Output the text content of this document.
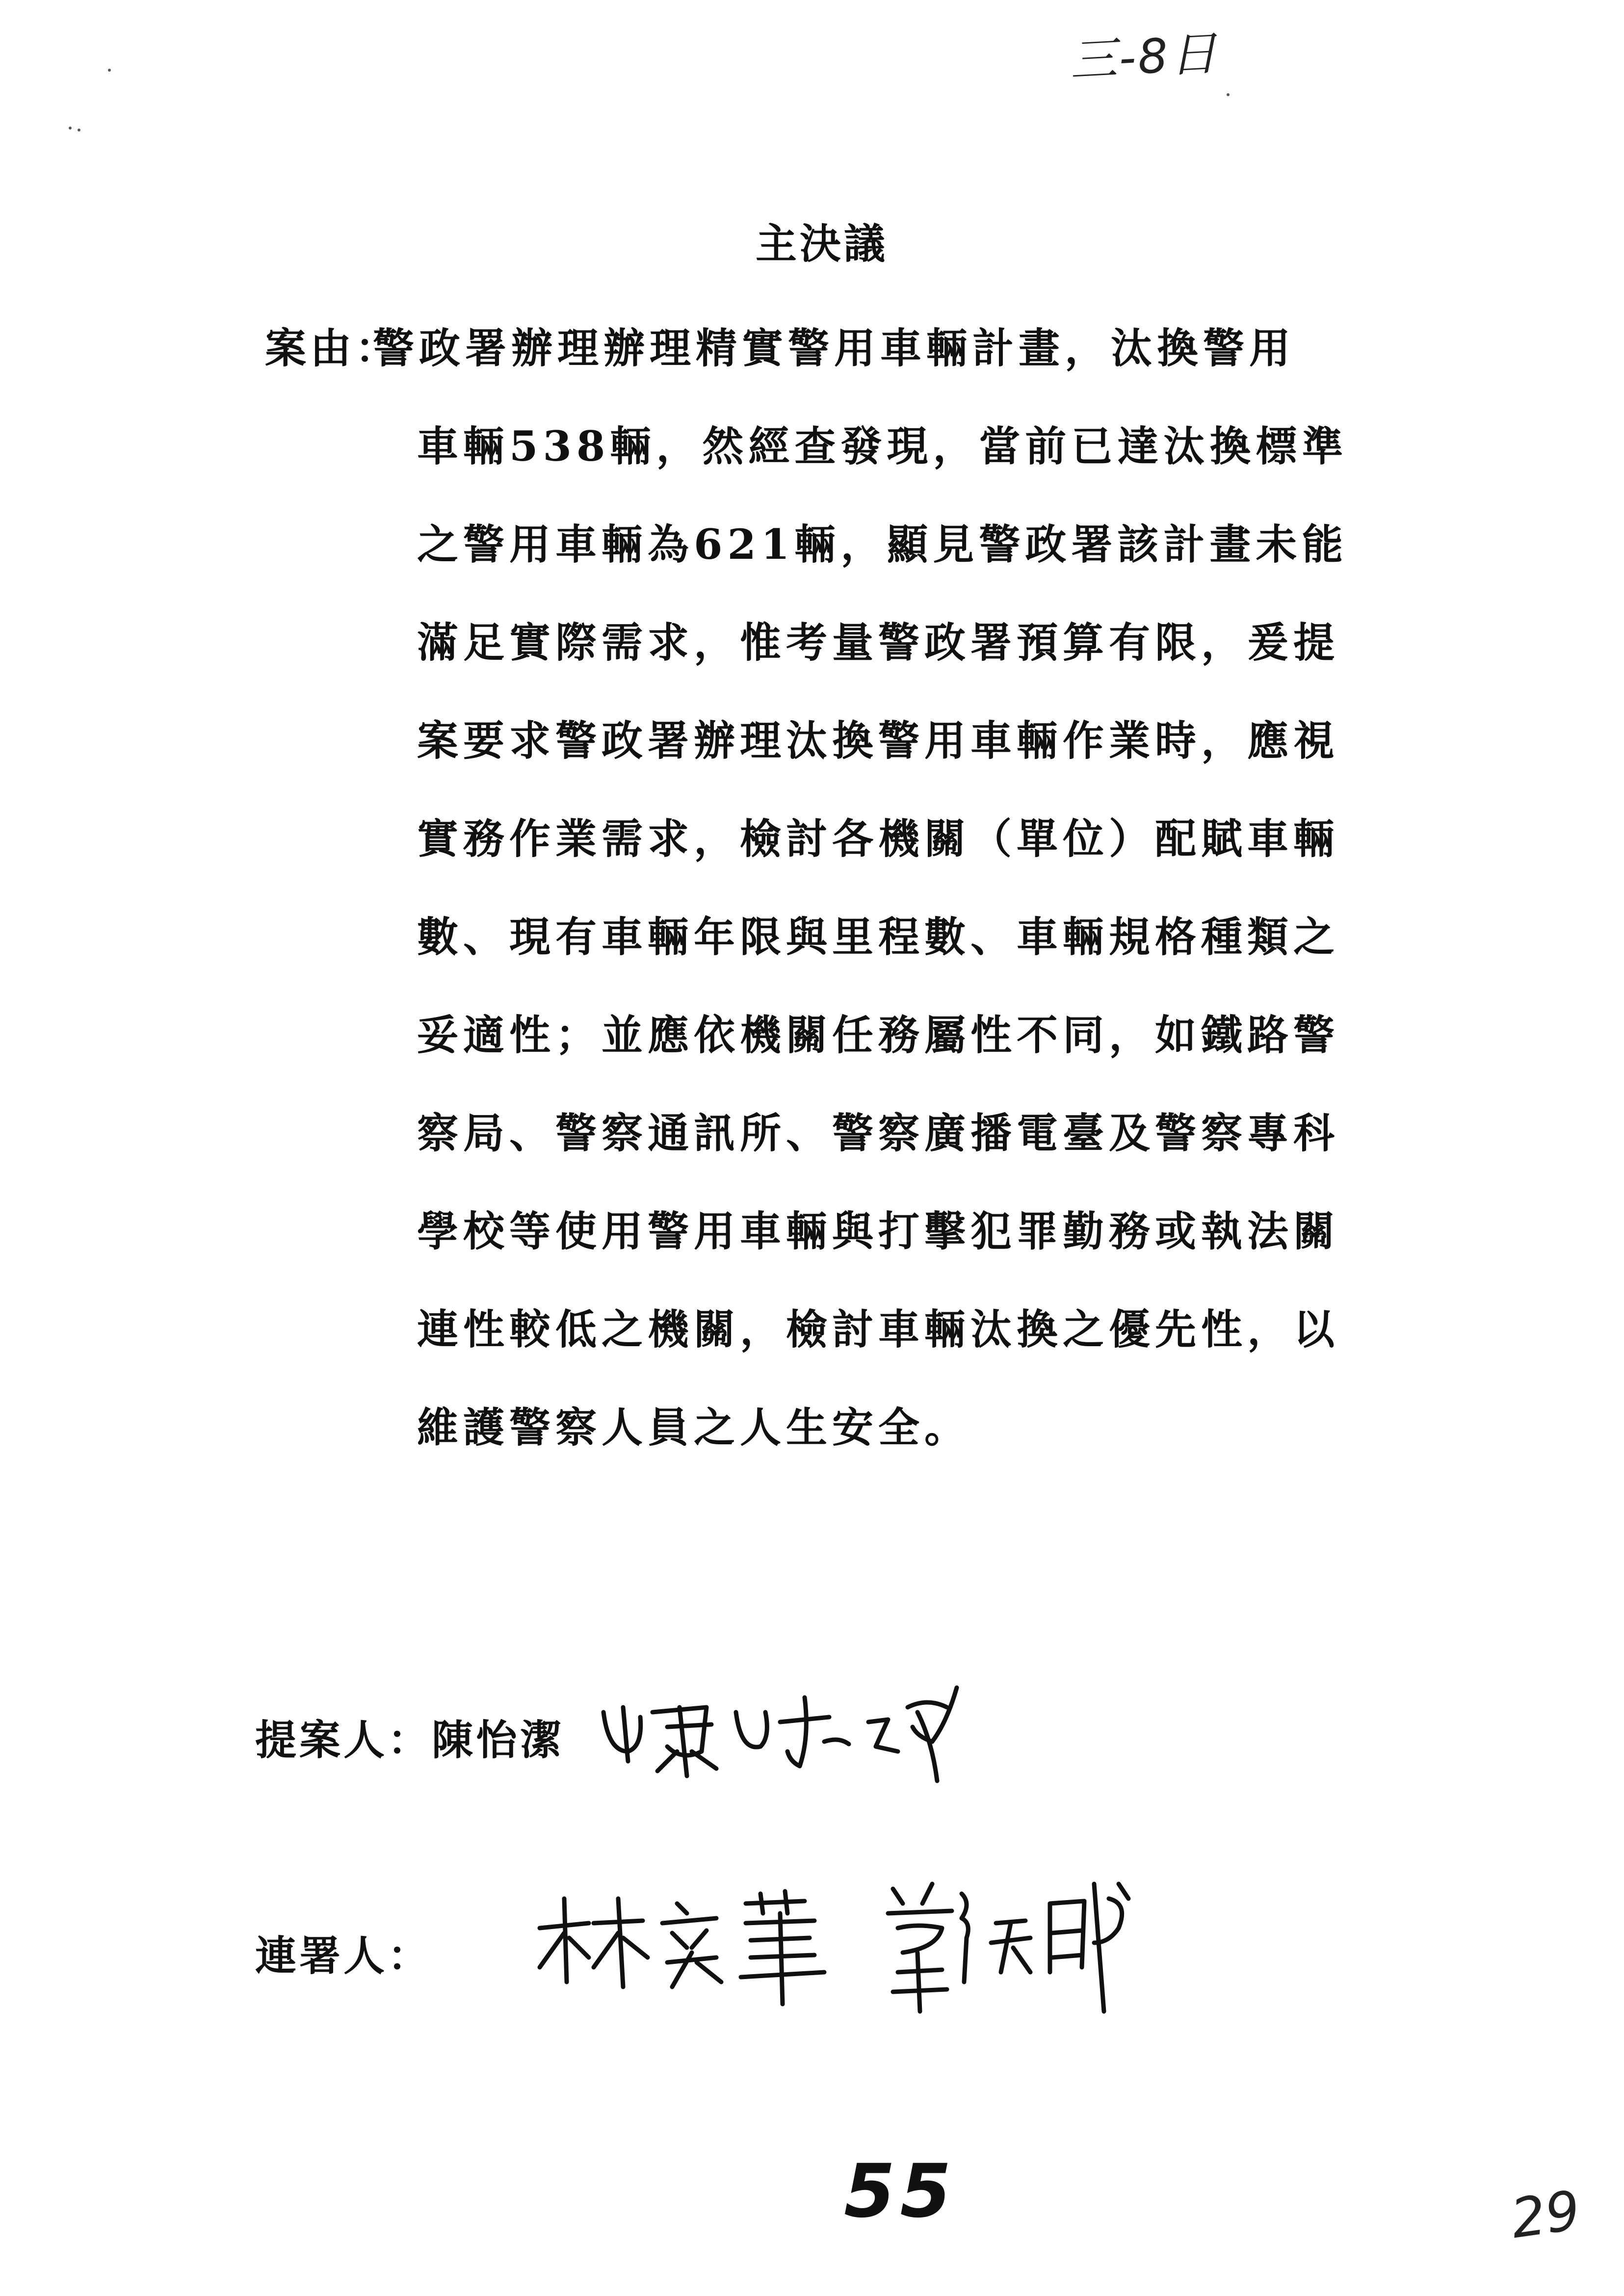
三-8日
主決議
案由：
警政署辦理辦理精實警用車輛計畫，汰換警用
車輛538輛，然經查發現，當前已達汰換標準
之警用車輛為621輛，顯見警政署該計畫未能
滿足實際需求，惟考量警政署預算有限，爰提
案要求警政署辦理汰換警用車輛作業時，應視
實務作業需求，檢討各機關（單位）配賦車輛
數、現有車輛年限與里程數、車輛規格種類之
妥適性；並應依機關任務屬性不同，如鐵路警
察局、警察通訊所、警察廣播電臺及警察專科
學校等使用警用車輛與打擊犯罪勤務或執法關
連性較低之機關，檢討車輛汰換之優先性，以
維護警察人員之人生安全。
提案人： 陳怡潔
連署人：
55	29
